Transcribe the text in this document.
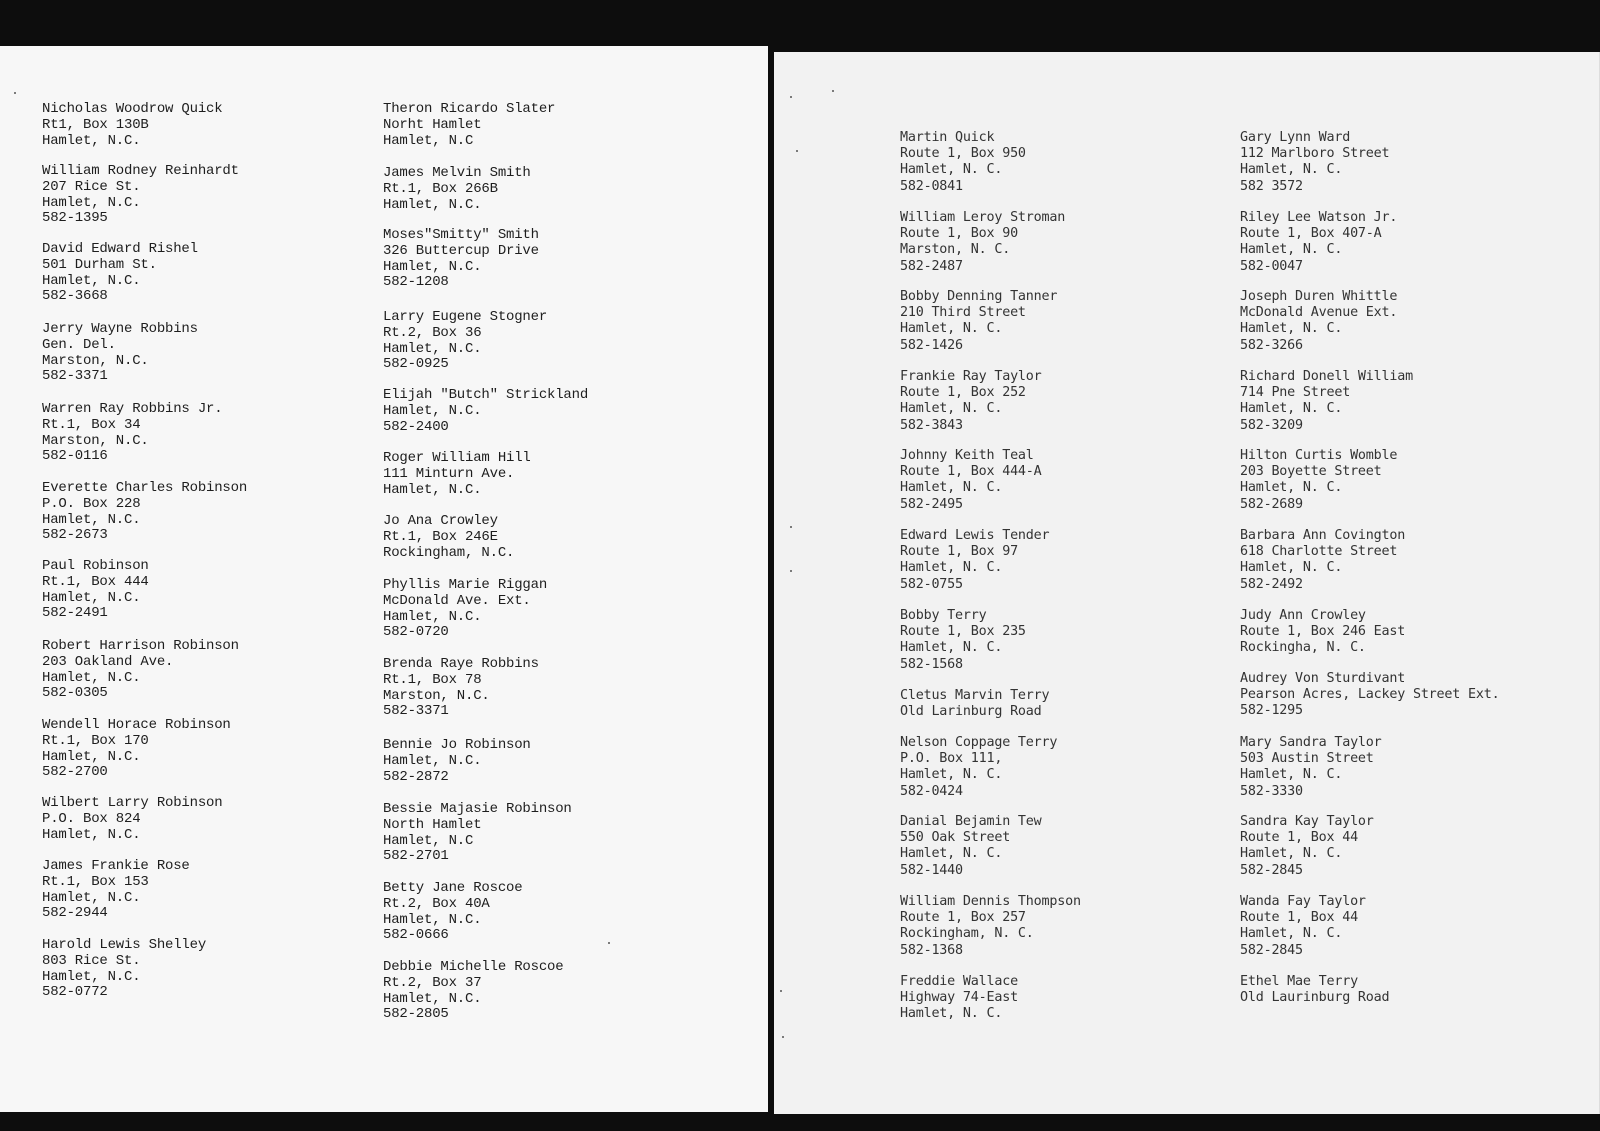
Nicholas Woodrow Quick
Rt1, Box 130B
Hamlet, N.C.
William Rodney Reinhardt
207 Rice St.
Hamlet, N.C.
582-1395
David Edward Rishel
501 Durham St.
Hamlet, N.C.
582-3668
Jerry Wayne Robbins
Gen. Del.
Marston, N.C.
582-3371
Warren Ray Robbins Jr.
Rt.1, Box 34
Marston, N.C.
582-0116
Everette Charles Robinson
P.O. Box 228
Hamlet, N.C.
582-2673
Paul Robinson
Rt.1, Box 444
Hamlet, N.C.
582-2491
Robert Harrison Robinson
203 Oakland Ave.
Hamlet, N.C.
582-0305
Wendell Horace Robinson
Rt.1, Box 170
Hamlet, N.C.
582-2700
Wilbert Larry Robinson
P.O. Box 824
Hamlet, N.C.
James Frankie Rose
Rt.1, Box 153
Hamlet, N.C.
582-2944
Harold Lewis Shelley
803 Rice St.
Hamlet, N.C.
582-0772
Theron Ricardo Slater
Norht Hamlet
Hamlet, N.C
James Melvin Smith
Rt.1, Box 266B
Hamlet, N.C.
Moses"Smitty" Smith
326 Buttercup Drive
Hamlet, N.C.
582-1208
Larry Eugene Stogner
Rt.2, Box 36
Hamlet, N.C.
582-0925
Elijah "Butch" Strickland
Hamlet, N.C.
582-2400
Roger William Hill
111 Minturn Ave.
Hamlet, N.C.
Jo Ana Crowley
Rt.1, Box 246E
Rockingham, N.C.
Phyllis Marie Riggan
McDonald Ave. Ext.
Hamlet, N.C.
582-0720
Brenda Raye Robbins
Rt.1, Box 78
Marston, N.C.
582-3371
Bennie Jo Robinson
Hamlet, N.C.
582-2872
Bessie Majasie Robinson
North Hamlet
Hamlet, N.C
582-2701
Betty Jane Roscoe
Rt.2, Box 40A
Hamlet, N.C.
582-0666
Debbie Michelle Roscoe
Rt.2, Box 37
Hamlet, N.C.
582-2805
Martin Quick
Route 1, Box 950
Hamlet, N. C.
582-0841
William Leroy Stroman
Route 1, Box 90
Marston, N. C.
582-2487
Bobby Denning Tanner
210 Third Street
Hamlet, N. C.
582-1426
Frankie Ray Taylor
Route 1, Box 252
Hamlet, N. C.
582-3843
Johnny Keith Teal
Route 1, Box 444-A
Hamlet, N. C.
582-2495
Edward Lewis Tender
Route 1, Box 97
Hamlet, N. C.
582-0755
Bobby Terry
Route 1, Box 235
Hamlet, N. C.
582-1568
Cletus Marvin Terry
Old Larinburg Road
Nelson Coppage Terry
P.O. Box 111,
Hamlet, N. C.
582-0424
Danial Bejamin Tew
550 Oak Street
Hamlet, N. C.
582-1440
William Dennis Thompson
Route 1, Box 257
Rockingham, N. C.
582-1368
Freddie Wallace
Highway 74-East
Hamlet, N. C.
Gary Lynn Ward
112 Marlboro Street
Hamlet, N. C.
582 3572
Riley Lee Watson Jr.
Route 1, Box 407-A
Hamlet, N. C.
582-0047
Joseph Duren Whittle
McDonald Avenue Ext.
Hamlet, N. C.
582-3266
Richard Donell William
714 Pne Street
Hamlet, N. C.
582-3209
Hilton Curtis Womble
203 Boyette Street
Hamlet, N. C.
582-2689
Barbara Ann Covington
618 Charlotte Street
Hamlet, N. C.
582-2492
Judy Ann Crowley
Route 1, Box 246 East
Rockingha, N. C.
Audrey Von Sturdivant
Pearson Acres, Lackey Street Ext.
582-1295
Mary Sandra Taylor
503 Austin Street
Hamlet, N. C.
582-3330
Sandra Kay Taylor
Route 1, Box 44
Hamlet, N. C.
582-2845
Wanda Fay Taylor
Route 1, Box 44
Hamlet, N. C.
582-2845
Ethel Mae Terry
Old Laurinburg Road
